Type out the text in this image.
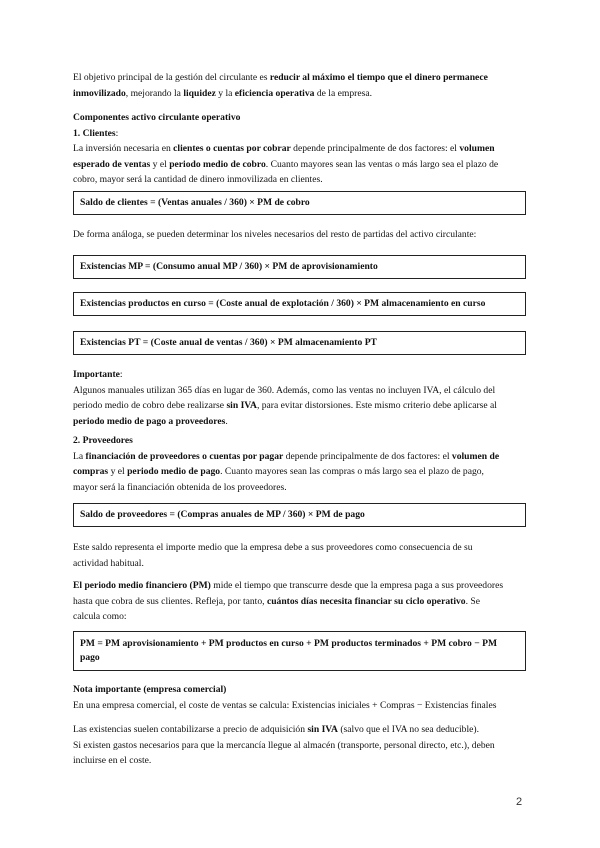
El objetivo principal de la gestión del circulante es reducir al máximo el tiempo que el dinero permanece

inmovilizado, mejorando la liquidez y la eficiencia operativa de la empresa.

Componentes activo circulante operativo

1. Clientes:

La inversión necesaria en clientes o cuentas por cobrar depende principalmente de dos factores: el volumen

esperado de ventas y el periodo medio de cobro. Cuanto mayores sean las ventas o más largo sea el plazo de

cobro, mayor será la cantidad de dinero inmovilizada en clientes.

Saldo de clientes = (Ventas anuales / 360) × PM de cobro

De forma análoga, se pueden determinar los niveles necesarios del resto de partidas del activo circulante:

Existencias MP = (Consumo anual MP / 360) × PM de aprovisionamiento
Existencias productos en curso = (Coste anual de explotación / 360) × PM almacenamiento en curso
Existencias PT = (Coste anual de ventas / 360) × PM almacenamiento PT

Importante:

Algunos manuales utilizan 365 días en lugar de 360. Además, como las ventas no incluyen IVA, el cálculo del

periodo medio de cobro debe realizarse sin IVA, para evitar distorsiones. Este mismo criterio debe aplicarse al

periodo medio de pago a proveedores.

2. Proveedores

La financiación de proveedores o cuentas por pagar depende principalmente de dos factores: el volumen de

compras y el periodo medio de pago. Cuanto mayores sean las compras o más largo sea el plazo de pago,

mayor será la financiación obtenida de los proveedores.

Saldo de proveedores = (Compras anuales de MP / 360) × PM de pago

Este saldo representa el importe medio que la empresa debe a sus proveedores como consecuencia de su

actividad habitual.

El periodo medio financiero (PM) mide el tiempo que transcurre desde que la empresa paga a sus proveedores

hasta que cobra de sus clientes. Refleja, por tanto, cuántos días necesita financiar su ciclo operativo. Se

calcula como:

PM = PM aprovisionamiento + PM productos en curso + PM productos terminados + PM cobro − PM pago

Nota importante (empresa comercial)

En una empresa comercial, el coste de ventas se calcula: Existencias iniciales + Compras − Existencias finales

Las existencias suelen contabilizarse a precio de adquisición sin IVA (salvo que el IVA no sea deducible).

Si existen gastos necesarios para que la mercancía llegue al almacén (transporte, personal directo, etc.), deben

incluirse en el coste.

2
